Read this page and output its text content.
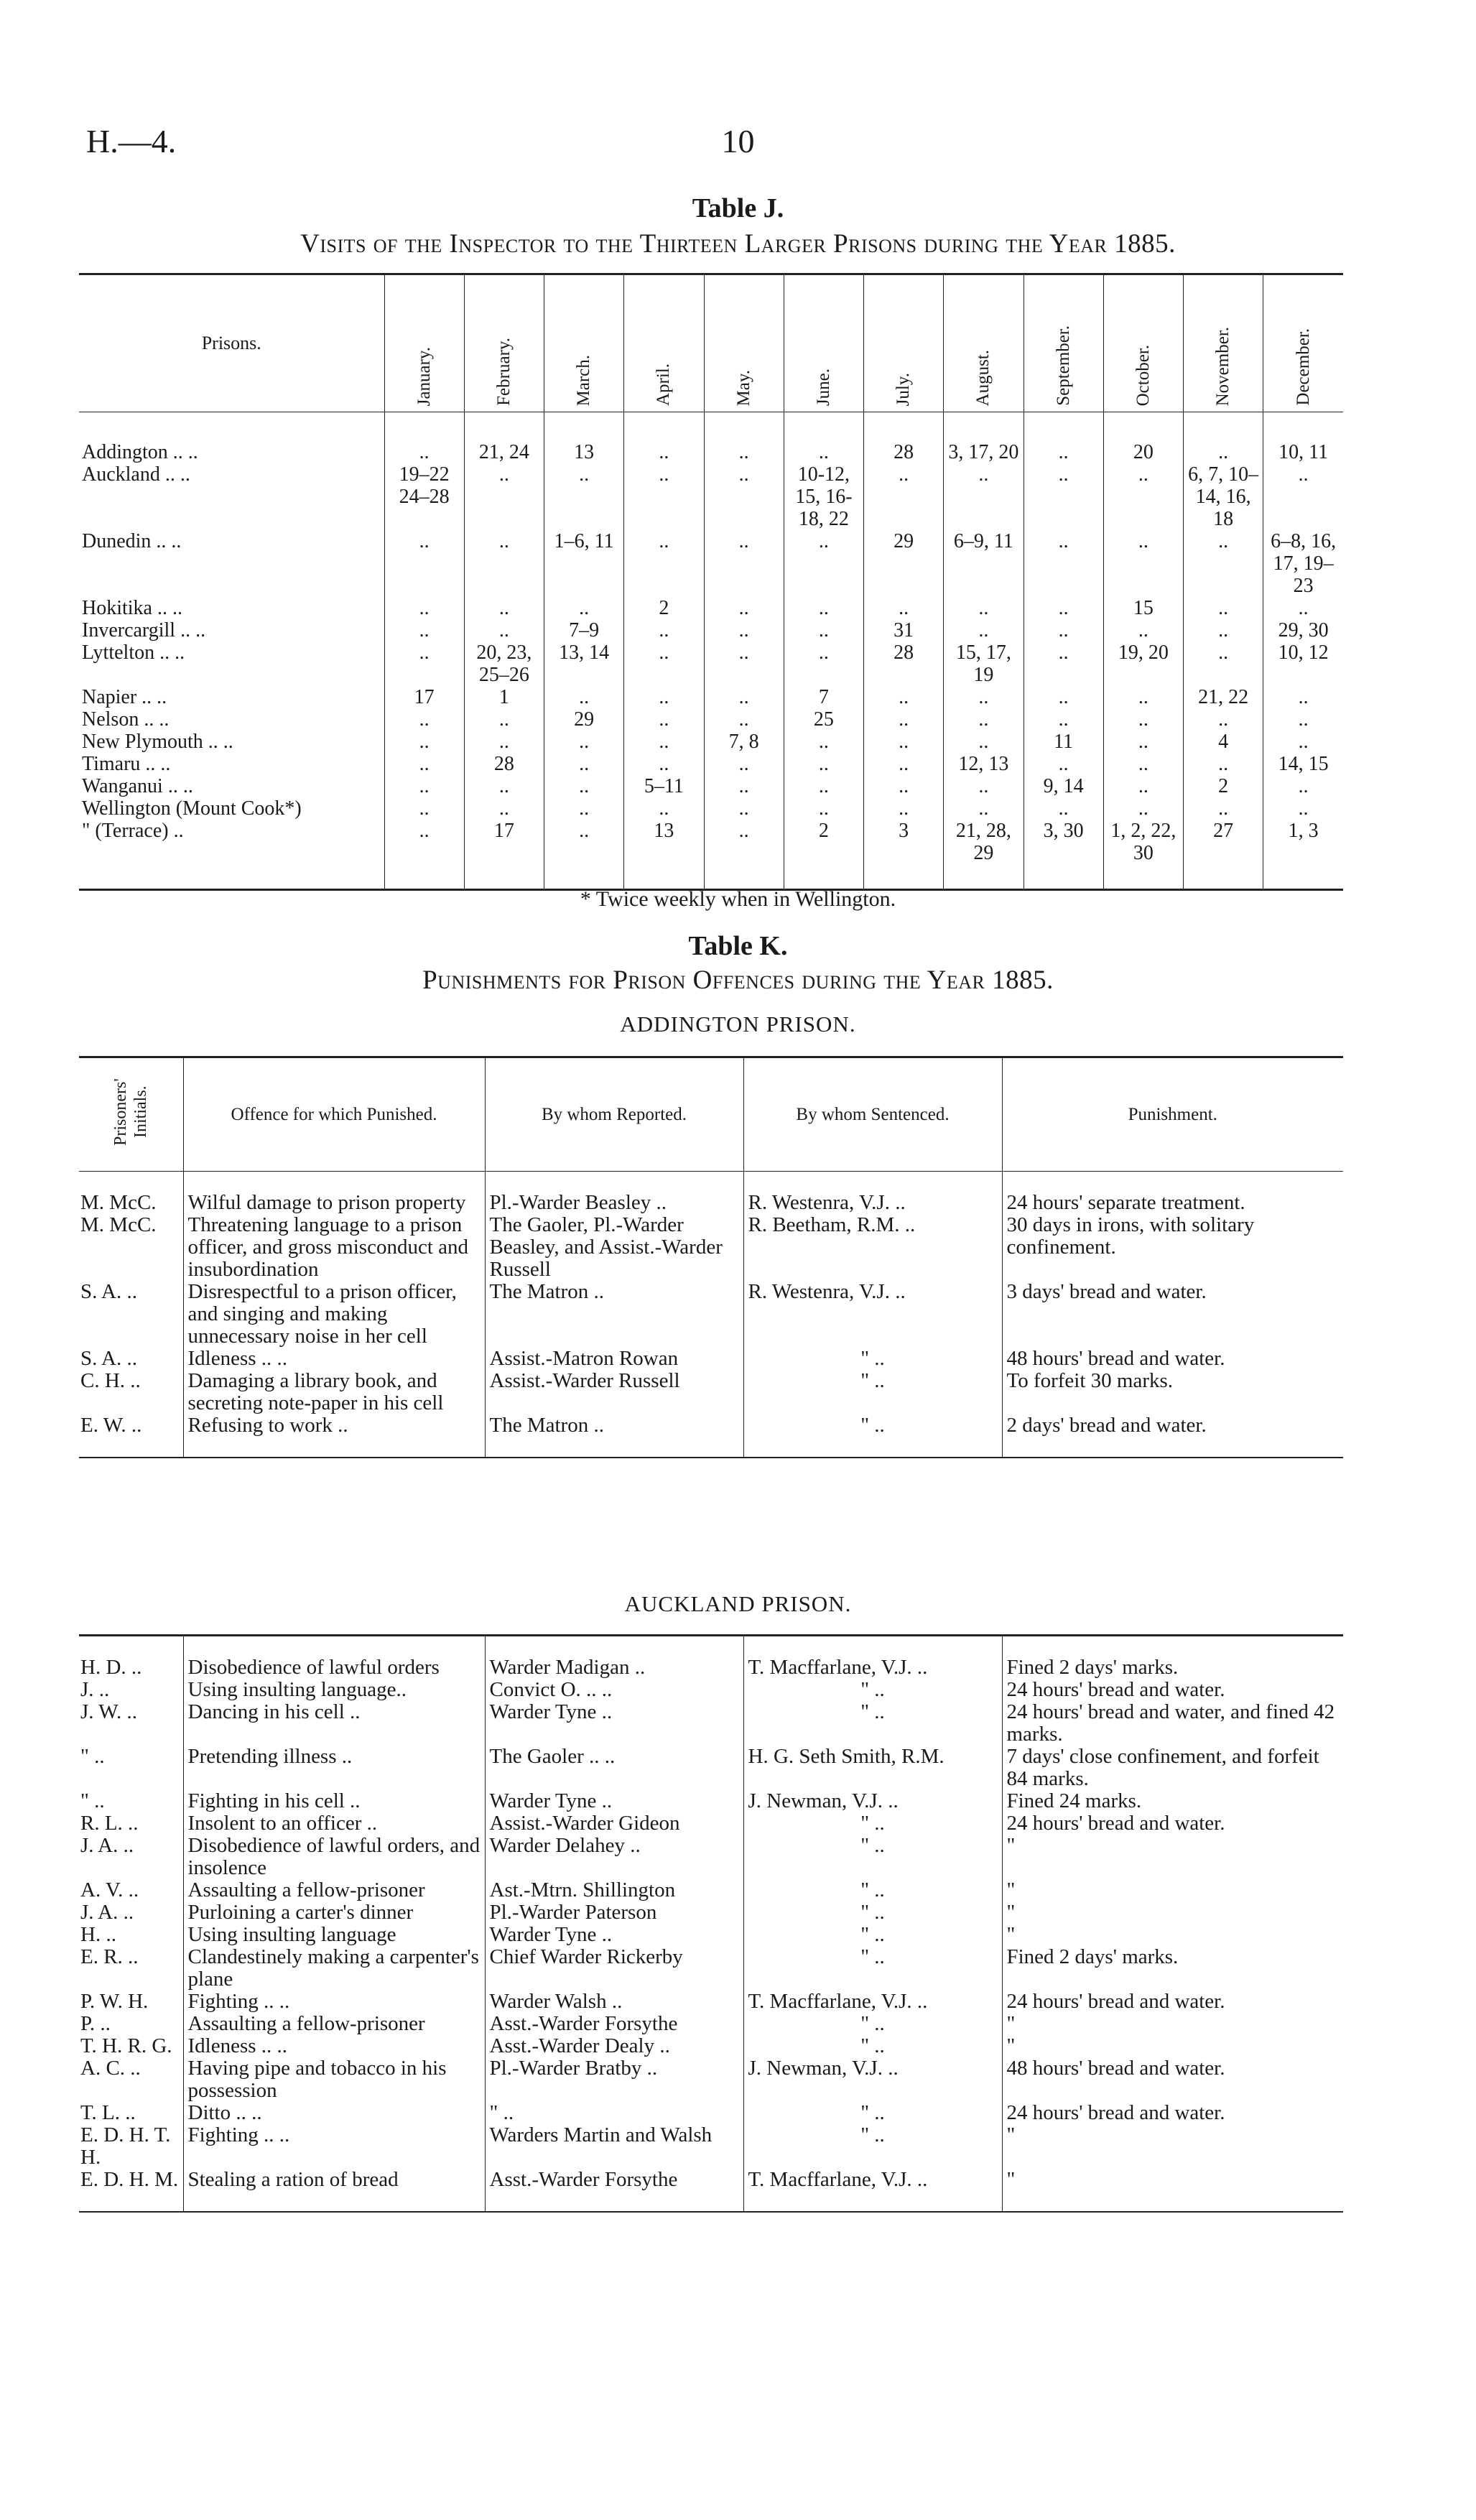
H.—4.	10
Table J.
Visits of the Inspector to the Thirteen Larger Prisons during the Year 1885.
Prisons.	January.	February.	March.	April.	May.	June.	July.	August.	September.	October.	November.	December.
Addington .. ..	..	21, 24	13	..	..	..	28	3, 17, 20	..	20	..	10, 11
Auckland .. ..	19–22 24–28	..	..	..	..	10-12, 15, 16-18, 22	..	..	..	..	6, 7, 10–14, 16, 18	..
Dunedin .. ..	..	..	1–6, 11	..	..	..	29	6–9, 11	..	..	..	6–8, 16, 17, 19–23
Hokitika .. ..	..	..	..	2	..	..	..	..	..	15	..	..
Invercargill .. ..	..	..	7–9	..	..	..	31	..	..	..	..	29, 30
Lyttelton .. ..	..	20, 23, 25–26	13, 14	..	..	..	28	15, 17, 19	..	19, 20	..	10, 12
Napier .. ..	17	1	..	..	..	7	..	..	..	..	21, 22	..
Nelson .. ..	..	..	29	..	..	25	..	..	..	..	..	..
New Plymouth .. ..	..	..	..	..	7, 8	..	..	..	11	..	4	..
Timaru .. ..	..	28	..	..	..	..	..	12, 13	..	..	..	14, 15
Wanganui .. ..	..	..	..	5–11	..	..	..	..	9, 14	..	2	..
Wellington (Mount Cook*)	..	..	..	..	..	..	..	..	..	..	..	..
" (Terrace) ..	..	17	..	13	..	2	3	21, 28, 29	3, 30	1, 2, 22, 30	27	1, 3
* Twice weekly when in Wellington.
Table K.
Punishments for Prison Offences during the Year 1885.
ADDINGTON PRISON.
Prisoners' Initials.	Offence for which Punished.	By whom Reported.	By whom Sentenced.	Punishment.

M. McC.	Wilful damage to prison property	Pl.-Warder Beasley ..	R. Westenra, V.J. ..	24 hours' separate treatment.
M. McC.	Threatening language to a prison officer, and gross misconduct and insubordination	The Gaoler, Pl.-Warder Beasley, and Assist.-Warder Russell	R. Beetham, R.M. ..	30 days in irons, with solitary confinement.
S. A. ..	Disrespectful to a prison officer, and singing and making unnecessary noise in her cell	The Matron ..	R. Westenra, V.J. ..	3 days' bread and water.
S. A. ..	Idleness .. ..	Assist.-Matron Rowan	" ..	48 hours' bread and water.
C. H. ..	Damaging a library book, and secreting note-paper in his cell	Assist.-Warder Russell	" ..	To forfeit 30 marks.
E. W. ..	Refusing to work ..	The Matron ..	" ..	2 days' bread and water.

AUCKLAND PRISON.

H. D. ..	Disobedience of lawful orders	Warder Madigan ..	T. Macffarlane, V.J. ..	Fined 2 days' marks.
J. ..	Using insulting language..	Convict O. .. ..	" ..	24 hours' bread and water.
J. W. ..	Dancing in his cell ..	Warder Tyne ..	" ..	24 hours' bread and water, and fined 42 marks.
" ..	Pretending illness ..	The Gaoler .. ..	H. G. Seth Smith, R.M.	7 days' close confinement, and forfeit 84 marks.
" ..	Fighting in his cell ..	Warder Tyne ..	J. Newman, V.J. ..	Fined 24 marks.
R. L. ..	Insolent to an officer ..	Assist.-Warder Gideon	" ..	24 hours' bread and water.
J. A. ..	Disobedience of lawful orders, and insolence	Warder Delahey ..	" ..	"
A. V. ..	Assaulting a fellow-prisoner	Ast.-Mtrn. Shillington	" ..	"
J. A. ..	Purloining a carter's dinner	Pl.-Warder Paterson	" ..	"
H. ..	Using insulting language	Warder Tyne ..	" ..	"
E. R. ..	Clandestinely making a carpenter's plane	Chief Warder Rickerby	" ..	Fined 2 days' marks.
P. W. H.	Fighting .. ..	Warder Walsh ..	T. Macffarlane, V.J. ..	24 hours' bread and water.
P. ..	Assaulting a fellow-prisoner	Asst.-Warder Forsythe	" ..	"
T. H. R. G.	Idleness .. ..	Asst.-Warder Dealy ..	" ..	"
A. C. ..	Having pipe and tobacco in his possession	Pl.-Warder Bratby ..	J. Newman, V.J. ..	48 hours' bread and water.
T. L. ..	Ditto .. ..	" ..	" ..	24 hours' bread and water.
E. D. H. T. H.	Fighting .. ..	Warders Martin and Walsh	" ..	"
E. D. H. M.	Stealing a ration of bread	Asst.-Warder Forsythe	T. Macffarlane, V.J. ..	"
